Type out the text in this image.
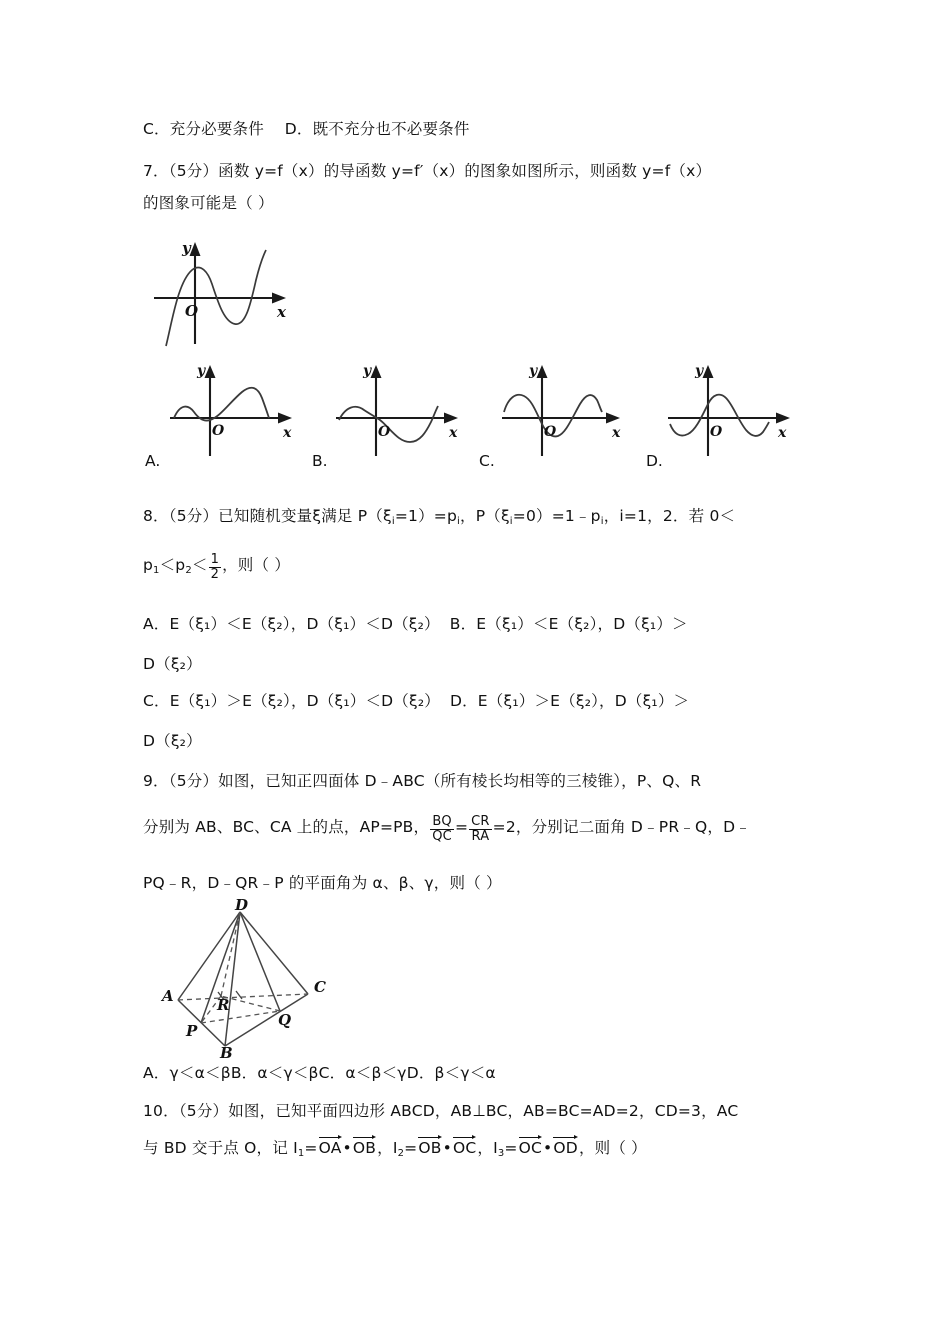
C．充分必要条件　 D．既不充分也不必要条件
7．（5分）函数 y=f（x）的导函数 y=f′（x）的图象如图所示，则函数 y=f（x）
的图象可能是（ ）
O
y
x
O
y
x	O
y
x	O
y
x	O
y
x
A.	B.	C.	D.
8．（5分）已知随机变量ξ满足 $P(\xi_i=1)=p_i$，$P(\xi_i=0)=1﹣p_i$，i=1，2．若 0＜
$p_1<p_2< \frac{1}{2}$ ，则（ ）
A．E（ξ₁）＜E（ξ₂），D（ξ₁）＜D（ξ₂） B．E（ξ₁）＜E（ξ₂），D（ξ₁）＞
D（ξ₂）
C．E（ξ₁）＞E（ξ₂），D（ξ₁）＜D（ξ₂） D．E（ξ₁）＞E（ξ₂），D（ξ₁）＞
D（ξ₂）
9．（5分）如图，已知正四面体 D﹣ABC（所有棱长均相等的三棱锥），P、Q、R
分别为 AB、BC、CA 上的点，AP=PB， $\frac{BQ}{QC} = \frac{CR}{RA} =2$，分别记二面角 D﹣PR﹣Q，D﹣
PQ﹣R，D﹣QR﹣P 的平面角为 α、β、γ，则（ ）
D
A	C
B
P
Q
R
A．γ＜α＜βB．α＜γ＜βC．α＜β＜γD．β＜γ＜α
10．（5分）如图，已知平面四边形 ABCD，AB⊥BC，AB=BC=AD=2，CD=3，AC
与 BD 交于点 O，记 $I_1=$
OA•
OB，$I_2=$
OB•
OC，$I_3=$
OC•
OD，则（ ）
